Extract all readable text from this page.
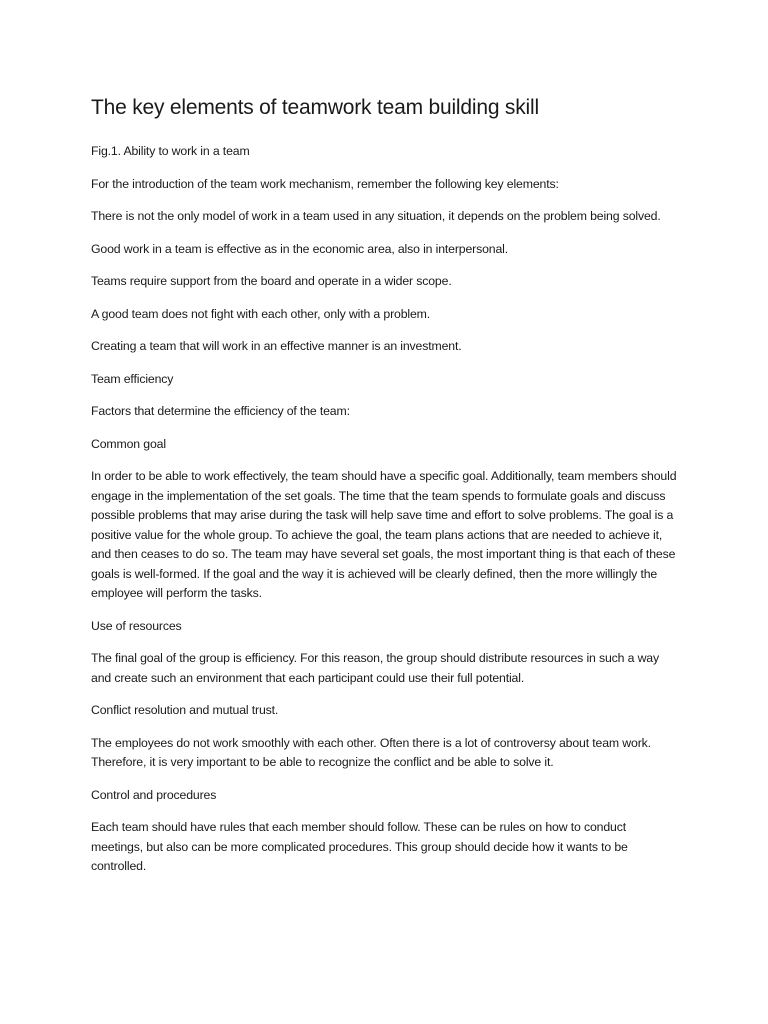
The key elements of teamwork team building skill

Fig.1. Ability to work in a team

For the introduction of the team work mechanism, remember the following key elements:

There is not the only model of work in a team used in any situation, it depends on the problem being solved.

Good work in a team is effective as in the economic area, also in interpersonal.

Teams require support from the board and operate in a wider scope.

A good team does not fight with each other, only with a problem.

Creating a team that will work in an effective manner is an investment.

Team efficiency

Factors that determine the efficiency of the team:

Common goal

In order to be able to work effectively, the team should have a specific goal. Additionally, team members should engage in the implementation of the set goals. The time that the team spends to formulate goals and discuss possible problems that may arise during the task will help save time and effort to solve problems. The goal is a positive value for the whole group. To achieve the goal, the team plans actions that are needed to achieve it, and then ceases to do so. The team may have several set goals, the most important thing is that each of these goals is well-formed. If the goal and the way it is achieved will be clearly defined, then the more willingly the employee will perform the tasks.

Use of resources

The final goal of the group is efficiency. For this reason, the group should distribute resources in such a way and create such an environment that each participant could use their full potential.

Conflict resolution and mutual trust.

The employees do not work smoothly with each other. Often there is a lot of controversy about team work. Therefore, it is very important to be able to recognize the conflict and be able to solve it.

Control and procedures

Each team should have rules that each member should follow. These can be rules on how to conduct meetings, but also can be more complicated procedures. This group should decide how it wants to be controlled.
